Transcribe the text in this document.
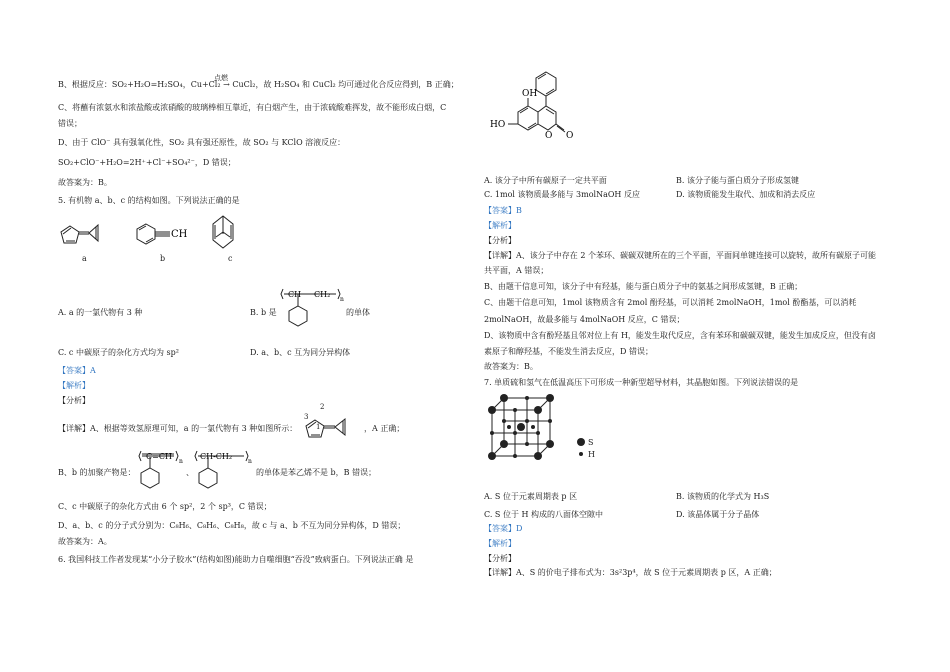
B、根据反应：SO₂+H₂O=H₂SO₄，Cu+Cl₂ → CuCl₂，故 H₂SO₄ 和 CuCl₂ 均可通过化合反应得到，B 正确；
点燃
C、将蘸有浓氨水和浓盐酸或浓硝酸的玻璃棒相互靠近，有白烟产生，由于浓硫酸难挥发，故不能形成白烟，C
错误；
D、由于 ClO⁻ 具有强氧化性，SO₂ 具有强还原性，故 SO₂ 与 KClO 溶液反应：
SO₂+ClO⁻+H₂O=2H⁺+Cl⁻+SO₄²⁻，D 错误；
故答案为：B。
5. 有机物 a、b、c 的结构如图。下列说法正确的是
CH
a	b	c
A. a 的一氯代物有 3 种	B. b 是
CH CH₂
n
的单体
C. c 中碳原子的杂化方式均为 sp²	D. a、b、c 互为同分异构体
【答案】A
【解析】
【分析】
【详解】A、根据等效氢原理可知，a 的一氯代物有 3 种如图所示：
2
3
1	，A 正确；
B、b 的加聚产物是：
C=CH
n
、
CH-CH₂
n
的单体是苯乙烯不是 b，B 错误；
C、c 中碳原子的杂化方式由 6 个 sp²，2 个 sp³，C 错误；
D、a、b、c 的分子式分别为：C₈H₆、C₈H₆、C₈H₈，故 c 与 a、b 不互为同分异构体，D 错误；
故答案为：A。
6. 我国科技工作者发现某“小分子胶水”(结构如图)能助力自噬细胞“吞没”致病蛋白。下列说法正确 是
OH
HO
O O
A. 该分子中所有碳原子一定共平面	B. 该分子能与蛋白质分子形成氢键
C. 1mol 该物质最多能与 3molNaOH 反应	D. 该物质能发生取代、加成和消去反应
【答案】B
【解析】
【分析】
【详解】A、该分子中存在 2 个苯环、碳碳双键所在的三个平面，平面间单键连接可以旋转，故所有碳原子可能
共平面，A 错误；
B、由题干信息可知，该分子中有羟基，能与蛋白质分子中的氨基之间形成氢键，B 正确；
C、由题干信息可知，1mol 该物质含有 2mol 酚羟基，可以消耗 2molNaOH，1mol 酚酯基，可以消耗
2molNaOH，故最多能与 4molNaOH 反应，C 错误；
D、该物质中含有酚羟基且邻对位上有 H，能发生取代反应，含有苯环和碳碳双键，能发生加成反应，但没有卤
素原子和醇羟基，不能发生消去反应，D 错误；
故答案为：B。
7. 单质硫和氢气在低温高压下可形成一种新型超导材料，其晶胞如图。下列说法错误的是
S
H
A. S 位于元素周期表 p 区	B. 该物质的化学式为 H₃S
C. S 位于 H 构成的八面体空隙中	D. 该晶体属于分子晶体
【答案】D
【解析】
【分析】
【详解】A、S 的价电子排布式为：3s²3p⁴，故 S 位于元素周期表 p 区，A 正确；
